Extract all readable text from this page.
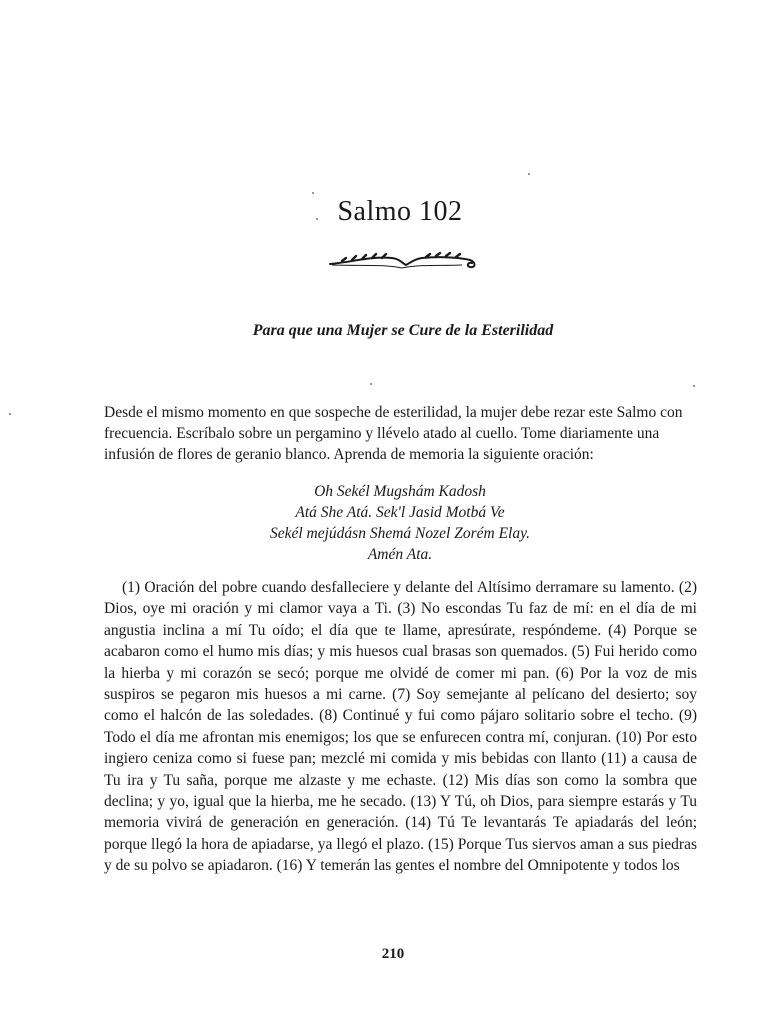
Salmo 102
Para que una Mujer se Cure de la Esterilidad
Desde el mismo momento en que sospeche de esterilidad, la mujer debe rezar este Salmo con frecuencia. Escríbalo sobre un pergamino y llévelo atado al cuello. Tome diariamente una infusión de flores de geranio blanco. Aprenda de memoria la siguiente oración:
Oh Sekél Mugshám Kadosh
Atá She Atá. Sek'l Jasid Motbá Ve
Sekél mejúdásn Shemá Nozel Zorém Elay.
Amén Ata.
(1) Oración del pobre cuando desfalleciere y delante del Altísimo derramare su lamento. (2) Dios, oye mi oración y mi clamor vaya a Ti. (3) No escondas Tu faz de mí: en el día de mi angustia inclina a mí Tu oído; el día que te llame, apresúrate, respóndeme. (4) Porque se acabaron como el humo mis días; y mis huesos cual brasas son quemados. (5) Fui herido como la hierba y mi corazón se secó; porque me olvidé de comer mi pan. (6) Por la voz de mis suspiros se pegaron mis huesos a mi carne. (7) Soy semejante al pelícano del desierto; soy como el halcón de las soledades. (8) Continué y fui como pájaro solitario sobre el techo. (9) Todo el día me afrontan mis enemigos; los que se enfurecen contra mí, conjuran. (10) Por esto ingiero ceniza como si fuese pan; mezclé mi comida y mis bebidas con llanto (11) a causa de Tu ira y Tu saña, porque me alzaste y me echaste. (12) Mis días son como la sombra que declina; y yo, igual que la hierba, me he secado. (13) Y Tú, oh Dios, para siempre estarás y Tu memoria vivirá de generación en generación. (14) Tú Te levantarás Te apiadarás del león; porque llegó la hora de apiadarse, ya llegó el plazo. (15) Porque Tus siervos aman a sus piedras y de su polvo se apiadaron. (16) Y temerán las gentes el nombre del Omnipotente y todos los
210
